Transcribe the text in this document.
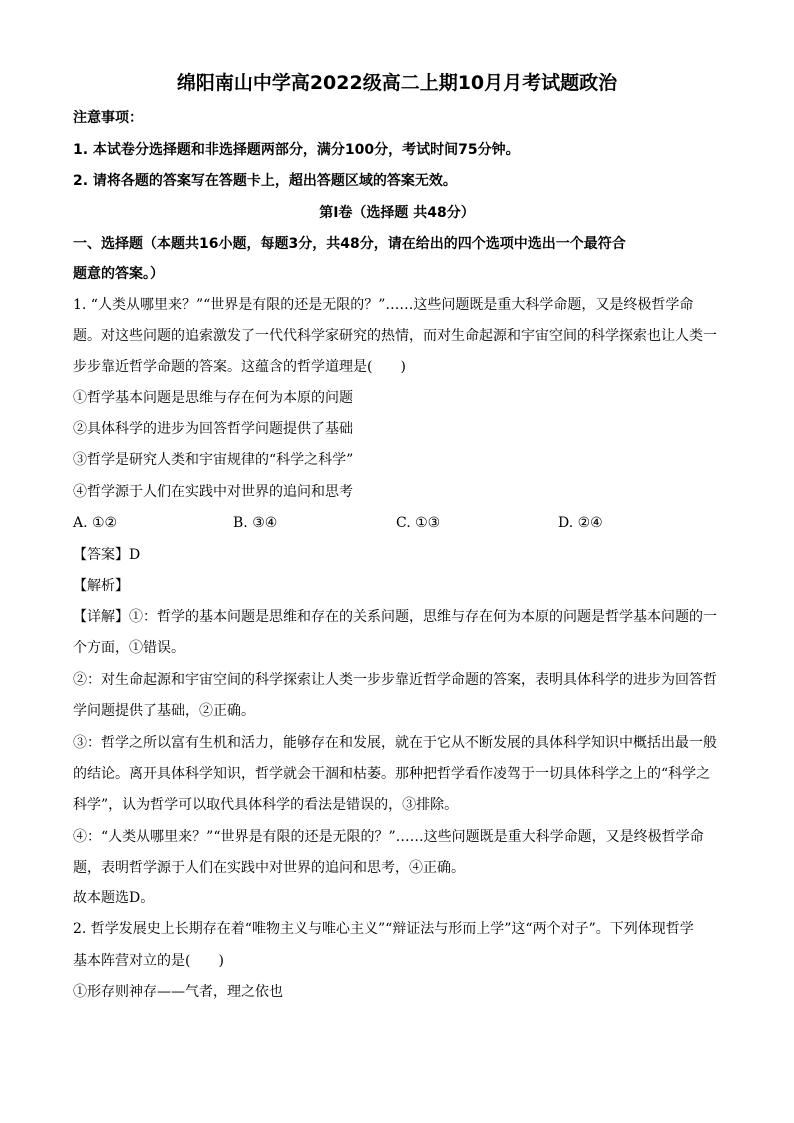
绵阳南山中学高2022级高二上期10月月考试题政治
注意事项：
1. 本试卷分选择题和非选择题两部分，满分100分，考试时间75分钟。
2. 请将各题的答案写在答题卡上，超出答题区域的答案无效。
第Ⅰ卷（选择题 共48分）
一、选择题（本题共16小题，每题3分，共48分，请在给出的四个选项中选出一个最符合
题意的答案。）
1. “人类从哪里来？”“世界是有限的还是无限的？”……这些问题既是重大科学命题，又是终极哲学命
题。对这些问题的追索激发了一代代科学家研究的热情，而对生命起源和宇宙空间的科学探索也让人类一
步步靠近哲学命题的答案。这蕴含的哲学道理是(　　)
①哲学基本问题是思维与存在何为本原的问题
②具体科学的进步为回答哲学问题提供了基础
③哲学是研究人类和宇宙规律的“科学之科学”
④哲学源于人们在实践中对世界的追问和思考
A. ①②	B. ③④	C. ①③	D. ②④
【答案】D
【解析】
【详解】①：哲学的基本问题是思维和存在的关系问题，思维与存在何为本原的问题是哲学基本问题的一
个方面，①错误。
②：对生命起源和宇宙空间的科学探索让人类一步步靠近哲学命题的答案，表明具体科学的进步为回答哲
学问题提供了基础，②正确。
③：哲学之所以富有生机和活力，能够存在和发展，就在于它从不断发展的具体科学知识中概括出最一般
的结论。离开具体科学知识，哲学就会干涸和枯萎。那种把哲学看作凌驾于一切具体科学之上的“科学之
科学”，认为哲学可以取代具体科学的看法是错误的，③排除。
④：“人类从哪里来？”“世界是有限的还是无限的？”……这些问题既是重大科学命题，又是终极哲学命
题，表明哲学源于人们在实践中对世界的追问和思考，④正确。
故本题选D。
2. 哲学发展史上长期存在着“唯物主义与唯心主义”“辩证法与形而上学”这“两个对子”。下列体现哲学
基本阵营对立的是(　　)
①形存则神存——气者，理之依也
